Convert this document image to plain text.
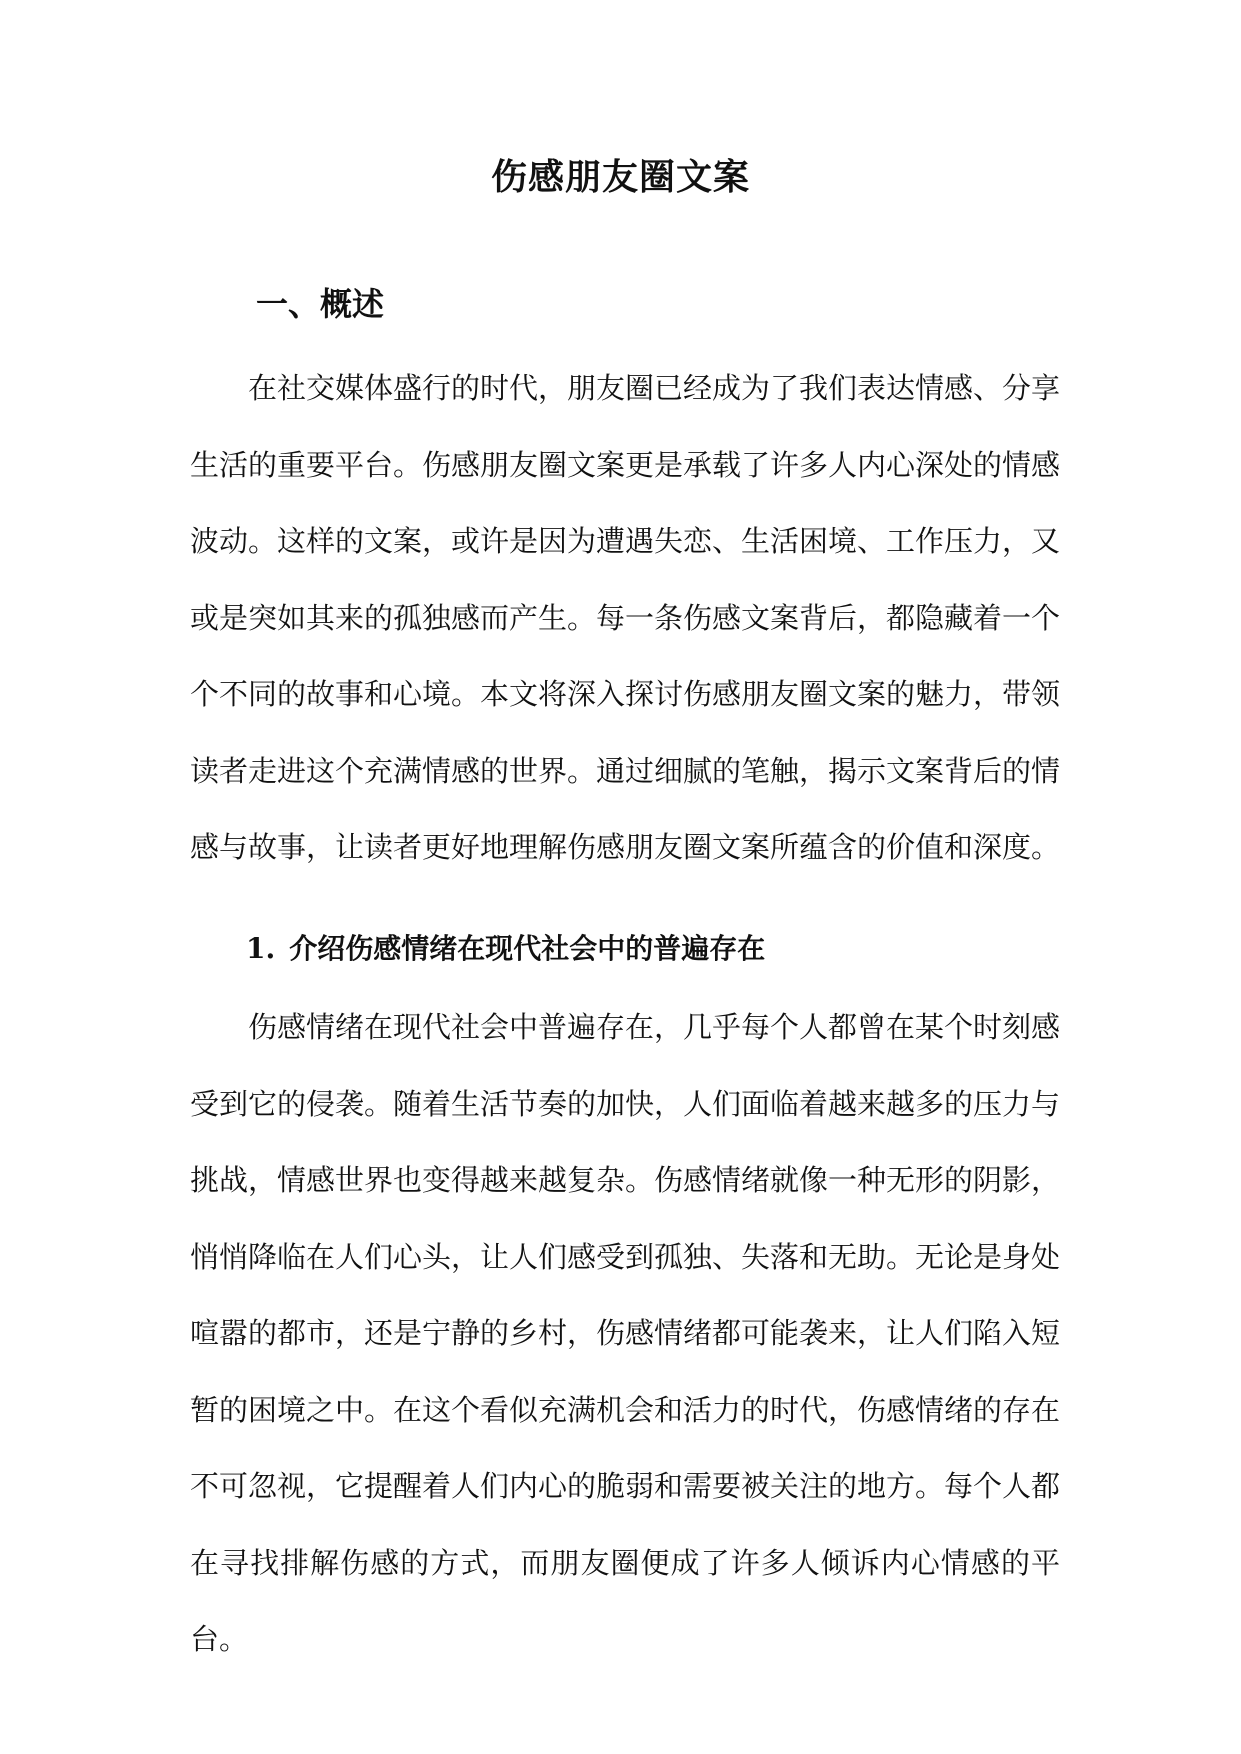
伤感朋友圈文案
一、概述

在社交媒体盛行的时代，朋友圈已经成为了我们表达情感、分享生活的重要平台。伤感朋友圈文案更是承载了许多人内心深处的情感波动。这样的文案，或许是因为遭遇失恋、生活困境、工作压力，又或是突如其来的孤独感而产生。每一条伤感文案背后，都隐藏着一个个不同的故事和心境。本文将深入探讨伤感朋友圈文案的魅力，带领读者走进这个充满情感的世界。通过细腻的笔触，揭示文案背后的情感与故事，让读者更好地理解伤感朋友圈文案所蕴含的价值和深度。

1. 介绍伤感情绪在现代社会中的普遍存在

伤感情绪在现代社会中普遍存在，几乎每个人都曾在某个时刻感受到它的侵袭。随着生活节奏的加快，人们面临着越来越多的压力与挑战，情感世界也变得越来越复杂。伤感情绪就像一种无形的阴影，悄悄降临在人们心头，让人们感受到孤独、失落和无助。无论是身处喧嚣的都市，还是宁静的乡村，伤感情绪都可能袭来，让人们陷入短暂的困境之中。在这个看似充满机会和活力的时代，伤感情绪的存在不可忽视，它提醒着人们内心的脆弱和需要被关注的地方。每个人都在寻找排解伤感的方式，而朋友圈便成了许多人倾诉内心情感的平台。
